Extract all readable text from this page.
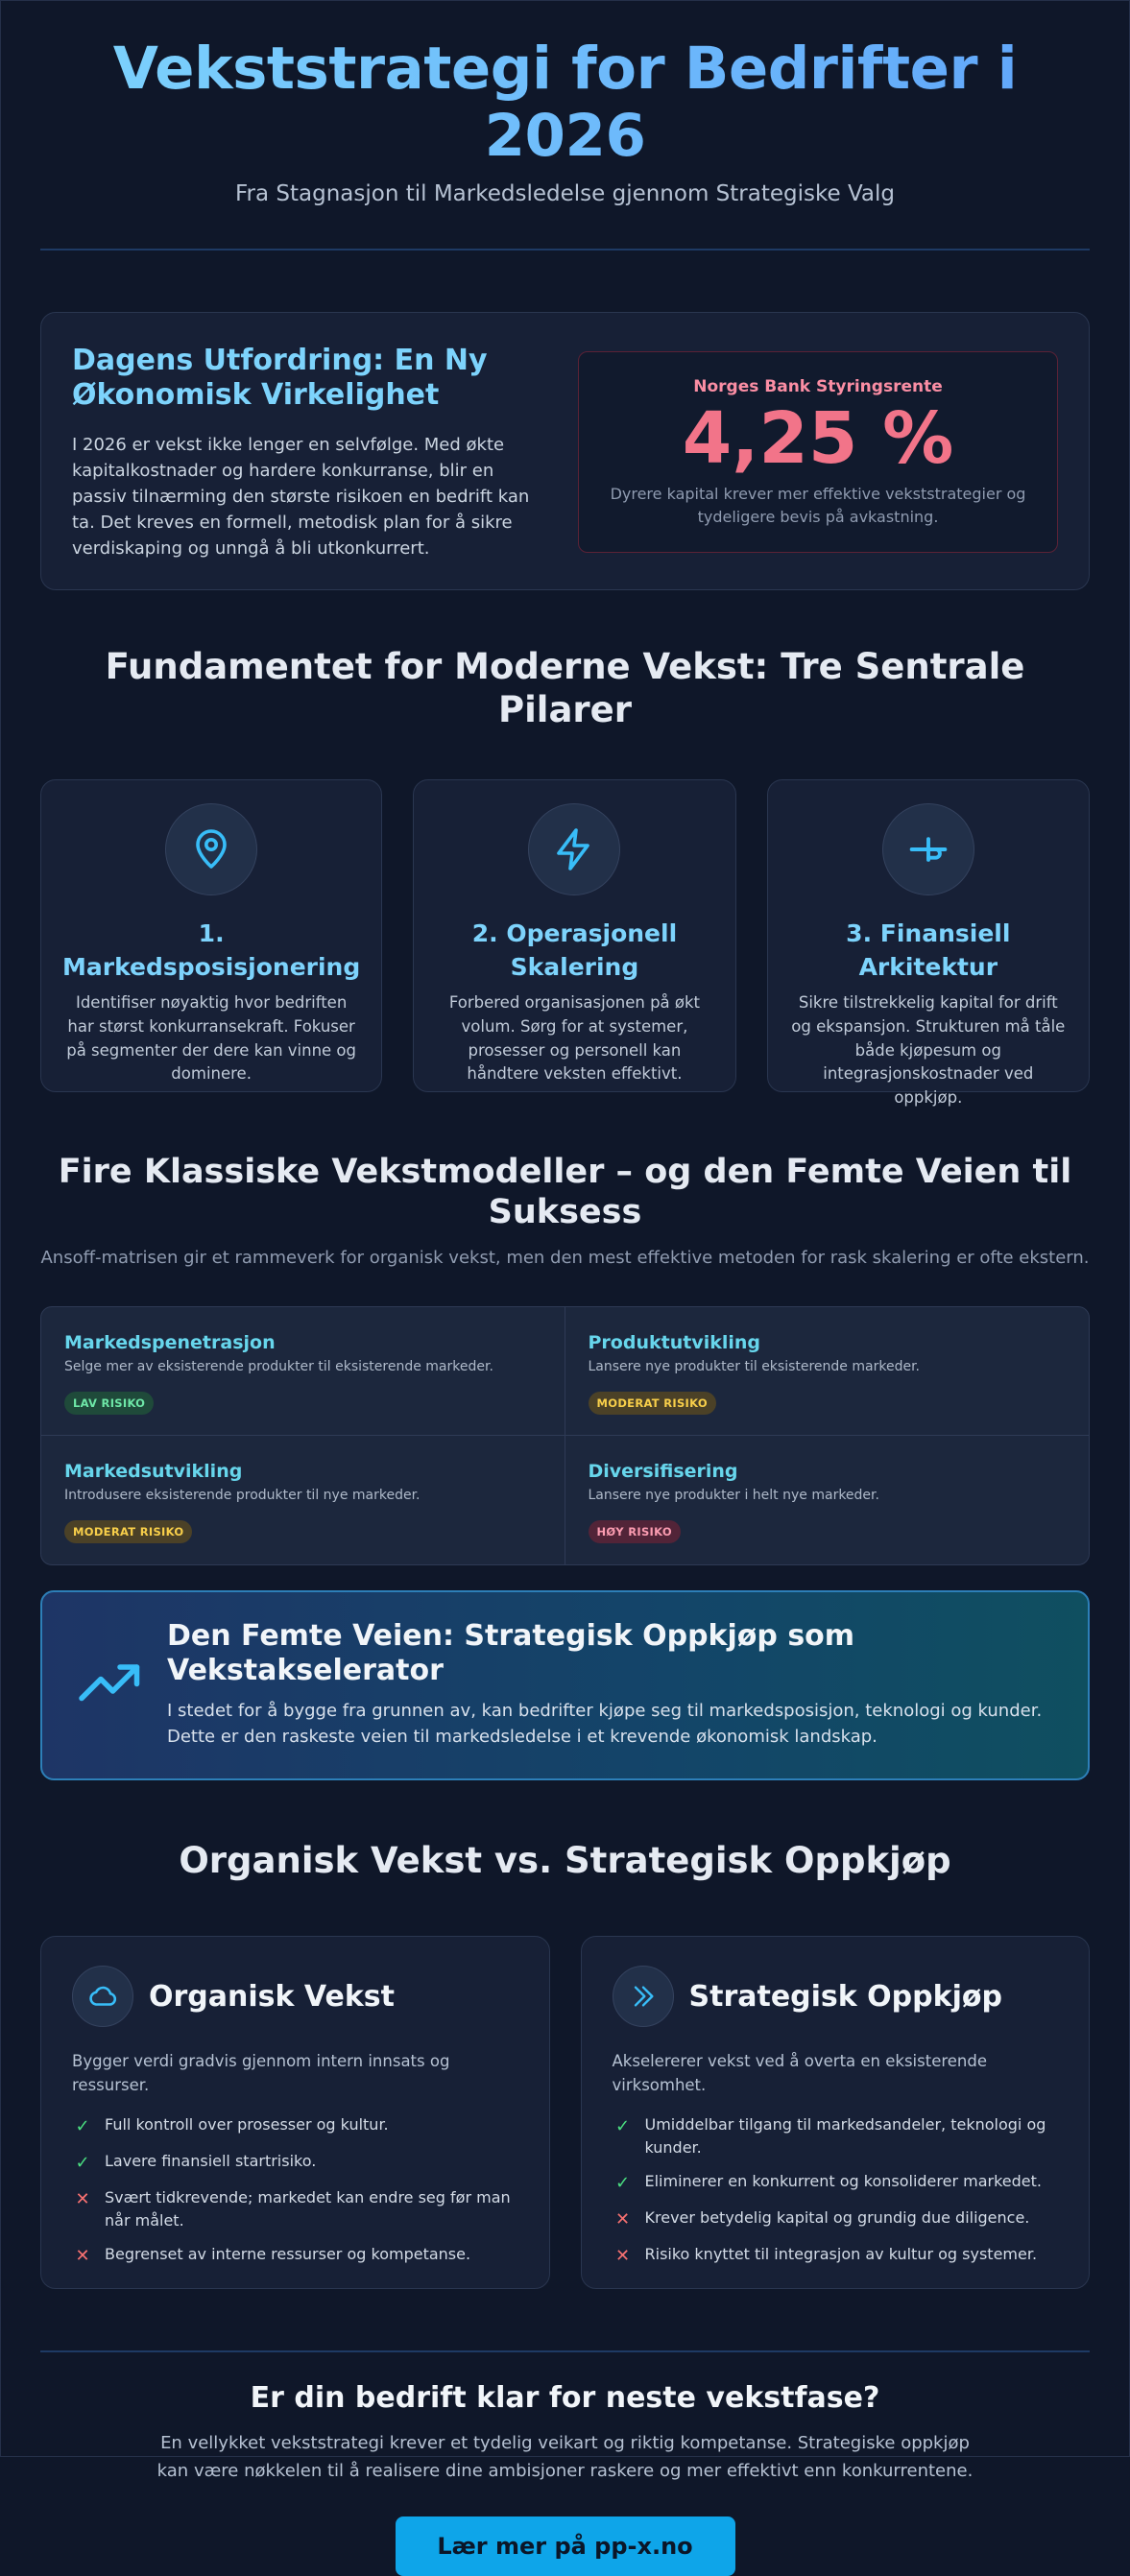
Vekststrategi for Bedrifter i 2026
Fra Stagnasjon til Markedsledelse gjennom Strategiske Valg
Dagens Utfordring: En Ny Økonomisk Virkelighet

I 2026 er vekst ikke lenger en selvfølge. Med økte kapitalkostnader og hardere konkurranse, blir en passiv tilnærming den største risikoen en bedrift kan ta. Det kreves en formell, metodisk plan for å sikre verdiskaping og unngå å bli utkonkurrert.

Norges Bank Styringsrente
4,25 %
Dyrere kapital krever mer effektive vekststrategier og tydeligere bevis på avkastning.
Fundamentet for Moderne Vekst: Tre Sentrale Pilarer
1. Markedsposisjonering

Identifiser nøyaktig hvor bedriften har størst konkurransekraft. Fokuser på segmenter der dere kan vinne og dominere.

2. Operasjonell Skalering

Forbered organisasjonen på økt volum. Sørg for at systemer, prosesser og personell kan håndtere veksten effektivt.

3. Finansiell Arkitektur

Sikre tilstrekkelig kapital for drift og ekspansjon. Strukturen må tåle både kjøpesum og integrasjonskostnader ved oppkjøp.

Fire Klassiske Vekstmodeller – og den Femte Veien til Suksess
Ansoff-matrisen gir et rammeverk for organisk vekst, men den mest effektive metoden for rask skalering er ofte ekstern.
Markedspenetrasjon

Selge mer av eksisterende produkter til eksisterende markeder.

LAV RISIKO
Produktutvikling

Lansere nye produkter til eksisterende markeder.

MODERAT RISIKO
Markedsutvikling

Introdusere eksisterende produkter til nye markeder.

MODERAT RISIKO
Diversifisering

Lansere nye produkter i helt nye markeder.

HØY RISIKO
Den Femte Veien: Strategisk Oppkjøp som Vekstakselerator

I stedet for å bygge fra grunnen av, kan bedrifter kjøpe seg til markedsposisjon, teknologi og kunder. Dette er den raskeste veien til markedsledelse i et krevende økonomisk landskap.

Organisk Vekst vs. Strategisk Oppkjøp
Organisk Vekst
Bygger verdi gradvis gjennom intern innsats og ressurser.
✓ Full kontroll over prosesser og kultur.
✓ Lavere finansiell startrisiko.
✕ Svært tidkrevende; markedet kan endre seg før man når målet.
✕ Begrenset av interne ressurser og kompetanse.
Strategisk Oppkjøp
Akselererer vekst ved å overta en eksisterende virksomhet.
✓ Umiddelbar tilgang til markedsandeler, teknologi og kunder.
✓ Eliminerer en konkurrent og konsoliderer markedet.
✕ Krever betydelig kapital og grundig due diligence.
✕ Risiko knyttet til integrasjon av kultur og systemer.
Er din bedrift klar for neste vekstfase?

En vellykket vekststrategi krever et tydelig veikart og riktig kompetanse. Strategiske oppkjøp kan være nøkkelen til å realisere dine ambisjoner raskere og mer effektivt enn konkurrentene.

Lær mer på pp-x.no
